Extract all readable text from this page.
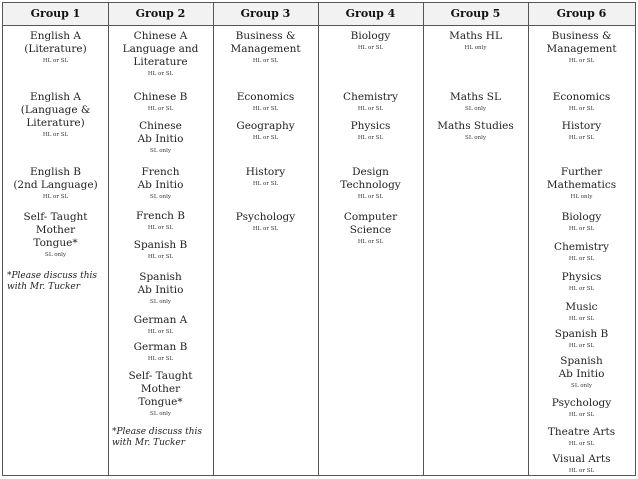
Group 1
English A
(Literature)
HL or SL
English A
(Language &
Literature)
HL or SL
English B
(2nd Language)
HL or SL
Self- Taught
Mother
Tongue*
SL only
*Please discuss this
with Mr. Tucker
Group 2
Chinese A
Language and
Literature
HL or SL
Chinese B
HL or SL
Chinese
Ab Initio
SL only
French
Ab Initio
SL only
French B
HL or SL
Spanish B
HL or SL
Spanish
Ab Initio
SL only
German A
HL or SL
German B
HL or SL
Self- Taught
Mother
Tongue*
SL only
*Please discuss this
with Mr. Tucker
Group 3
Business &
Management
HL or SL
Economics
HL or SL
Geography
HL or SL
History
HL or SL
Psychology
HL or SL
Group 4
Biology
HL or SL
Chemistry
HL or SL
Physics
HL or SL
Design
Technology
HL or SL
Computer
Science
HL or SL
Group 5
Maths HL
HL only
Maths SL
SL only
Maths Studies
SL only
Group 6
Business &
Management
HL or SL
Economics
HL or SL
History
HL or SL
Further
Mathematics
HL only
Biology
HL or SL
Chemistry
HL or SL
Physics
HL or SL
Music
HL or SL
Spanish B
HL or SL
Spanish
Ab Initio
SL only
Psychology
HL or SL
Theatre Arts
HL or SL
Visual Arts
HL or SL
